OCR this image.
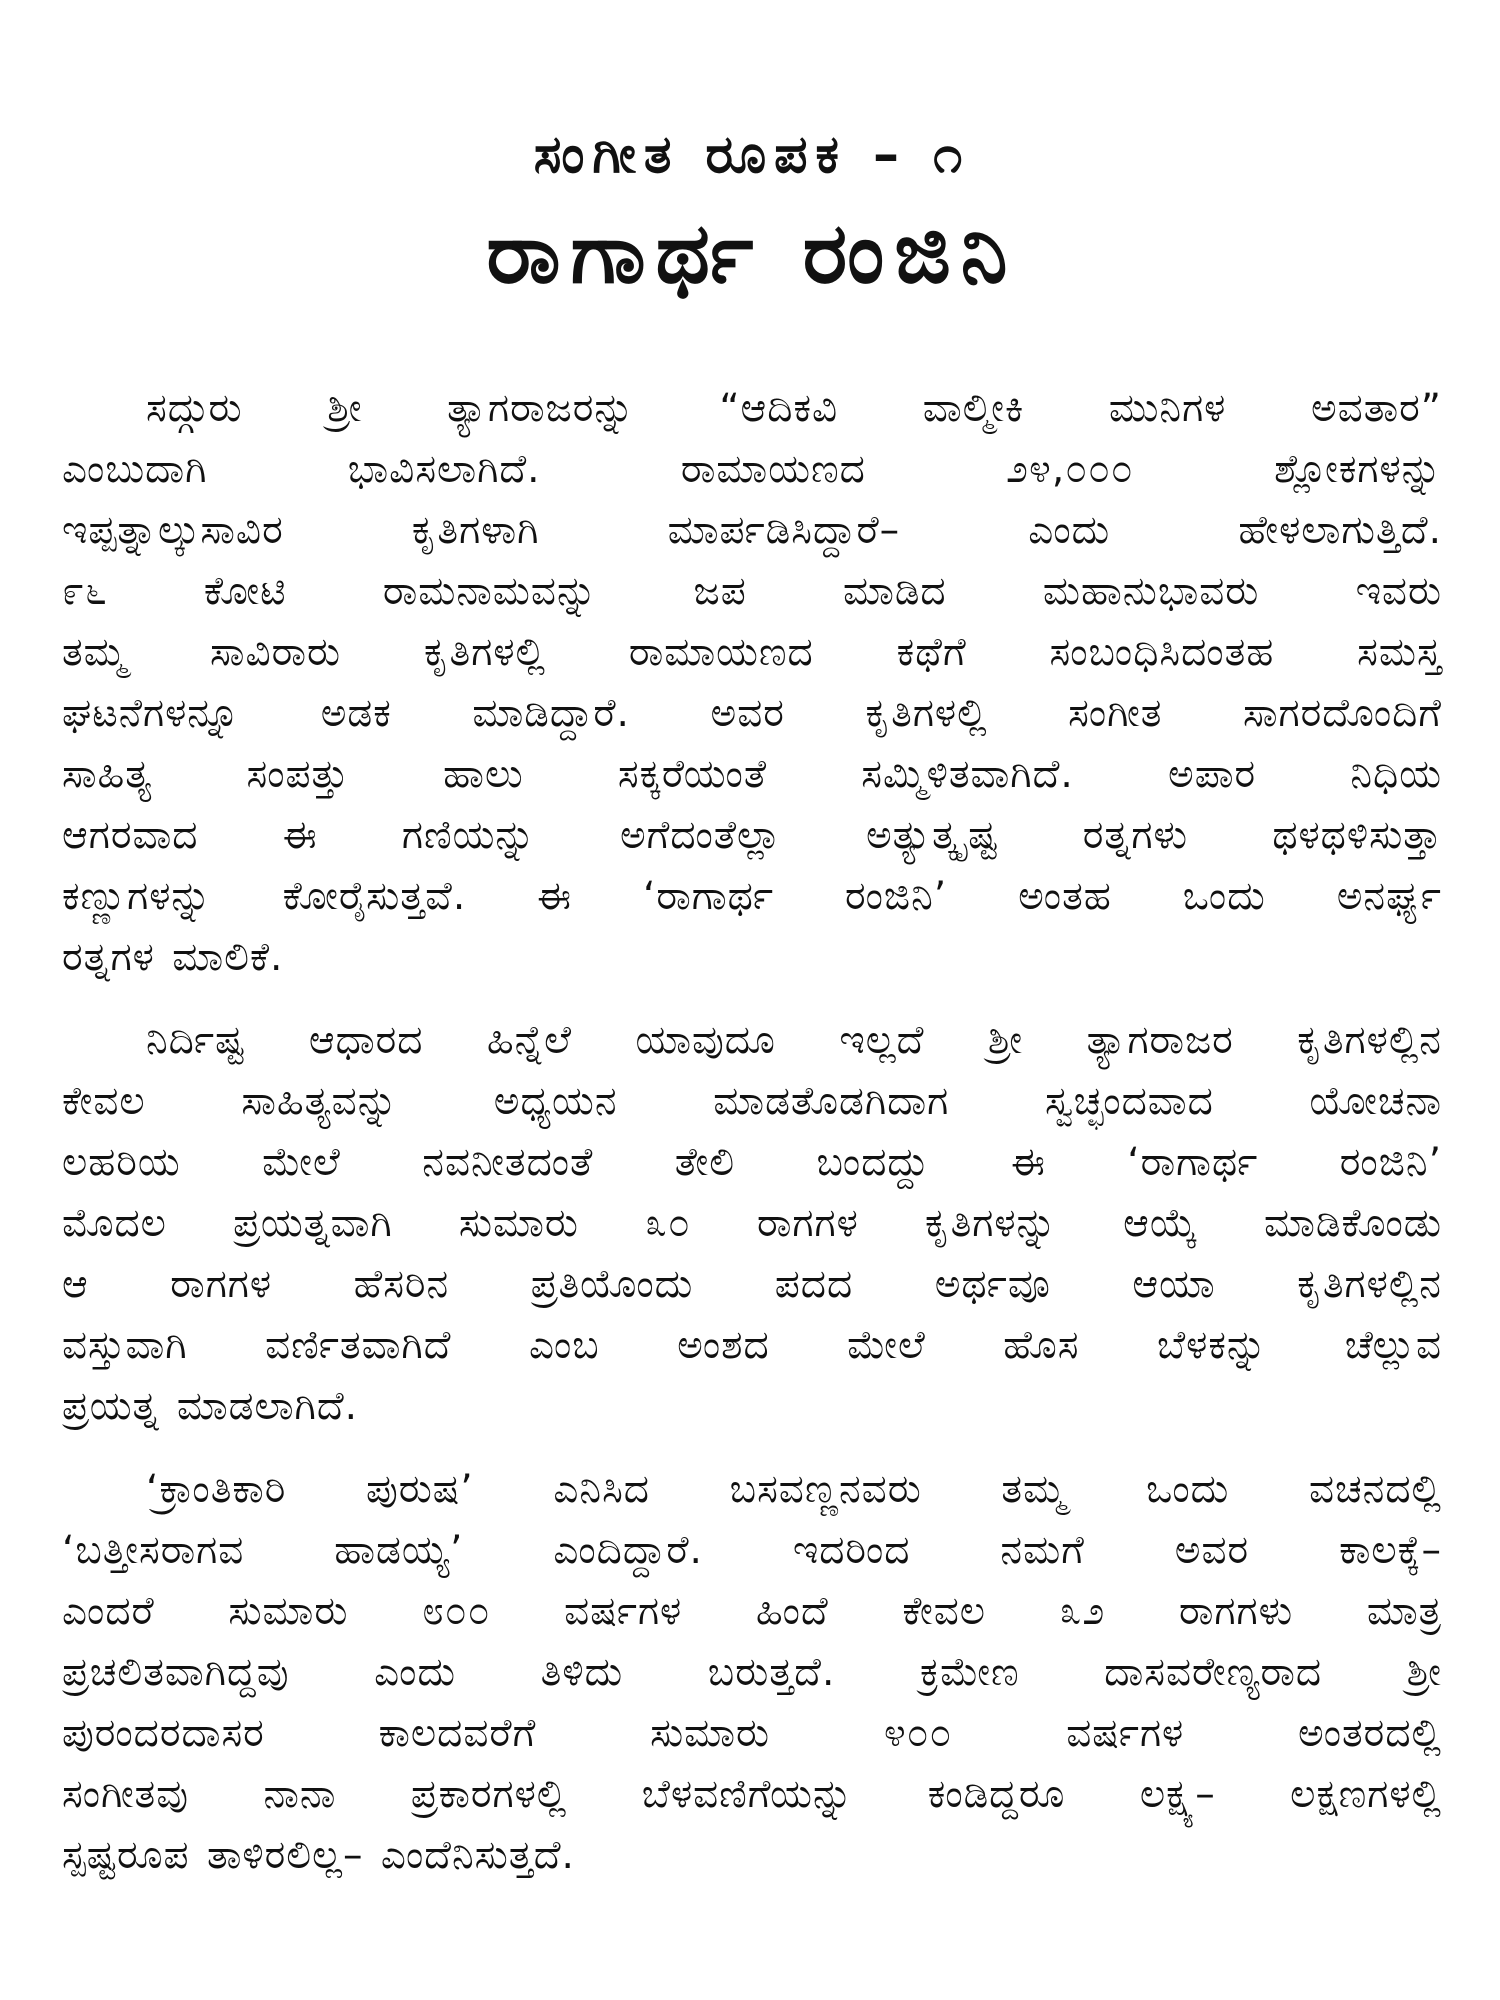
ಸಂಗೀತ ರೂಪಕ – ೧
ರಾಗಾರ್ಥ ರಂಜಿನಿ
ಸದ್ಗುರು ಶ್ರೀ ತ್ಯಾಗರಾಜರನ್ನು “ಆದಿಕವಿ ವಾಲ್ಮೀಕಿ ಮುನಿಗಳ ಅವತಾರ”
ಎಂಬುದಾಗಿ ಭಾವಿಸಲಾಗಿದೆ. ರಾಮಾಯಣದ ೨೪,೦೦೦ ಶ್ಲೋಕಗಳನ್ನು
ಇಪ್ಪತ್ನಾಲ್ಕುಸಾವಿರ ಕೃತಿಗಳಾಗಿ ಮಾರ್ಪಡಿಸಿದ್ದಾರೆ– ಎಂದು ಹೇಳಲಾಗುತ್ತಿದೆ.
೯೬ ಕೋಟಿ ರಾಮನಾಮವನ್ನು ಜಪ ಮಾಡಿದ ಮಹಾನುಭಾವರು ಇವರು
ತಮ್ಮ ಸಾವಿರಾರು ಕೃತಿಗಳಲ್ಲಿ ರಾಮಾಯಣದ ಕಥೆಗೆ ಸಂಬಂಧಿಸಿದಂತಹ ಸಮಸ್ತ
ಘಟನೆಗಳನ್ನೂ ಅಡಕ ಮಾಡಿದ್ದಾರೆ. ಅವರ ಕೃತಿಗಳಲ್ಲಿ ಸಂಗೀತ ಸಾಗರದೊಂದಿಗೆ
ಸಾಹಿತ್ಯ ಸಂಪತ್ತು ಹಾಲು ಸಕ್ಕರೆಯಂತೆ ಸಮ್ಮಿಳಿತವಾಗಿದೆ. ಅಪಾರ ನಿಧಿಯ
ಆಗರವಾದ ಈ ಗಣಿಯನ್ನು ಅಗೆದಂತೆಲ್ಲಾ ಅತ್ಯುತ್ಕೃಷ್ಟ ರತ್ನಗಳು ಥಳಥಳಿಸುತ್ತಾ
ಕಣ್ಣುಗಳನ್ನು ಕೋರೈಸುತ್ತವೆ. ಈ ‘ರಾಗಾರ್ಥ ರಂಜಿನಿ’ ಅಂತಹ ಒಂದು ಅನರ್ಘ್ಯ
ರತ್ನಗಳ ಮಾಲಿಕೆ.
ನಿರ್ದಿಷ್ಟ ಆಧಾರದ ಹಿನ್ನೆಲೆ ಯಾವುದೂ ಇಲ್ಲದೆ ಶ್ರೀ ತ್ಯಾಗರಾಜರ ಕೃತಿಗಳಲ್ಲಿನ
ಕೇವಲ ಸಾಹಿತ್ಯವನ್ನು ಅಧ್ಯಯನ ಮಾಡತೊಡಗಿದಾಗ ಸ್ವಚ್ಛಂದವಾದ ಯೋಚನಾ
ಲಹರಿಯ ಮೇಲೆ ನವನೀತದಂತೆ ತೇಲಿ ಬಂದದ್ದು ಈ ‘ರಾಗಾರ್ಥ ರಂಜಿನಿ’
ಮೊದಲ ಪ್ರಯತ್ನವಾಗಿ ಸುಮಾರು ೩೦ ರಾಗಗಳ ಕೃತಿಗಳನ್ನು ಆಯ್ಕೆ ಮಾಡಿಕೊಂಡು
ಆ ರಾಗಗಳ ಹೆಸರಿನ ಪ್ರತಿಯೊಂದು ಪದದ ಅರ್ಥವೂ ಆಯಾ ಕೃತಿಗಳಲ್ಲಿನ
ವಸ್ತುವಾಗಿ ವರ್ಣಿತವಾಗಿದೆ ಎಂಬ ಅಂಶದ ಮೇಲೆ ಹೊಸ ಬೆಳಕನ್ನು ಚೆಲ್ಲುವ
ಪ್ರಯತ್ನ ಮಾಡಲಾಗಿದೆ.
‘ಕ್ರಾಂತಿಕಾರಿ ಪುರುಷ’ ಎನಿಸಿದ ಬಸವಣ್ಣನವರು ತಮ್ಮ ಒಂದು ವಚನದಲ್ಲಿ
‘ಬತ್ತೀಸರಾಗವ ಹಾಡಯ್ಯ’ ಎಂದಿದ್ದಾರೆ. ಇದರಿಂದ ನಮಗೆ ಅವರ ಕಾಲಕ್ಕೆ–
ಎಂದರೆ ಸುಮಾರು ೮೦೦ ವರ್ಷಗಳ ಹಿಂದೆ ಕೇವಲ ೩೨ ರಾಗಗಳು ಮಾತ್ರ
ಪ್ರಚಲಿತವಾಗಿದ್ದವು ಎಂದು ತಿಳಿದು ಬರುತ್ತದೆ. ಕ್ರಮೇಣ ದಾಸವರೇಣ್ಯರಾದ ಶ್ರೀ
ಪುರಂದರದಾಸರ ಕಾಲದವರೆಗೆ ಸುಮಾರು ೪೦೦ ವರ್ಷಗಳ ಅಂತರದಲ್ಲಿ
ಸಂಗೀತವು ನಾನಾ ಪ್ರಕಾರಗಳಲ್ಲಿ ಬೆಳವಣಿಗೆಯನ್ನು ಕಂಡಿದ್ದರೂ ಲಕ್ಷ್ಯ– ಲಕ್ಷಣಗಳಲ್ಲಿ
ಸ್ಪಷ್ಟರೂಪ ತಾಳಿರಲಿಲ್ಲ– ಎಂದೆನಿಸುತ್ತದೆ.
